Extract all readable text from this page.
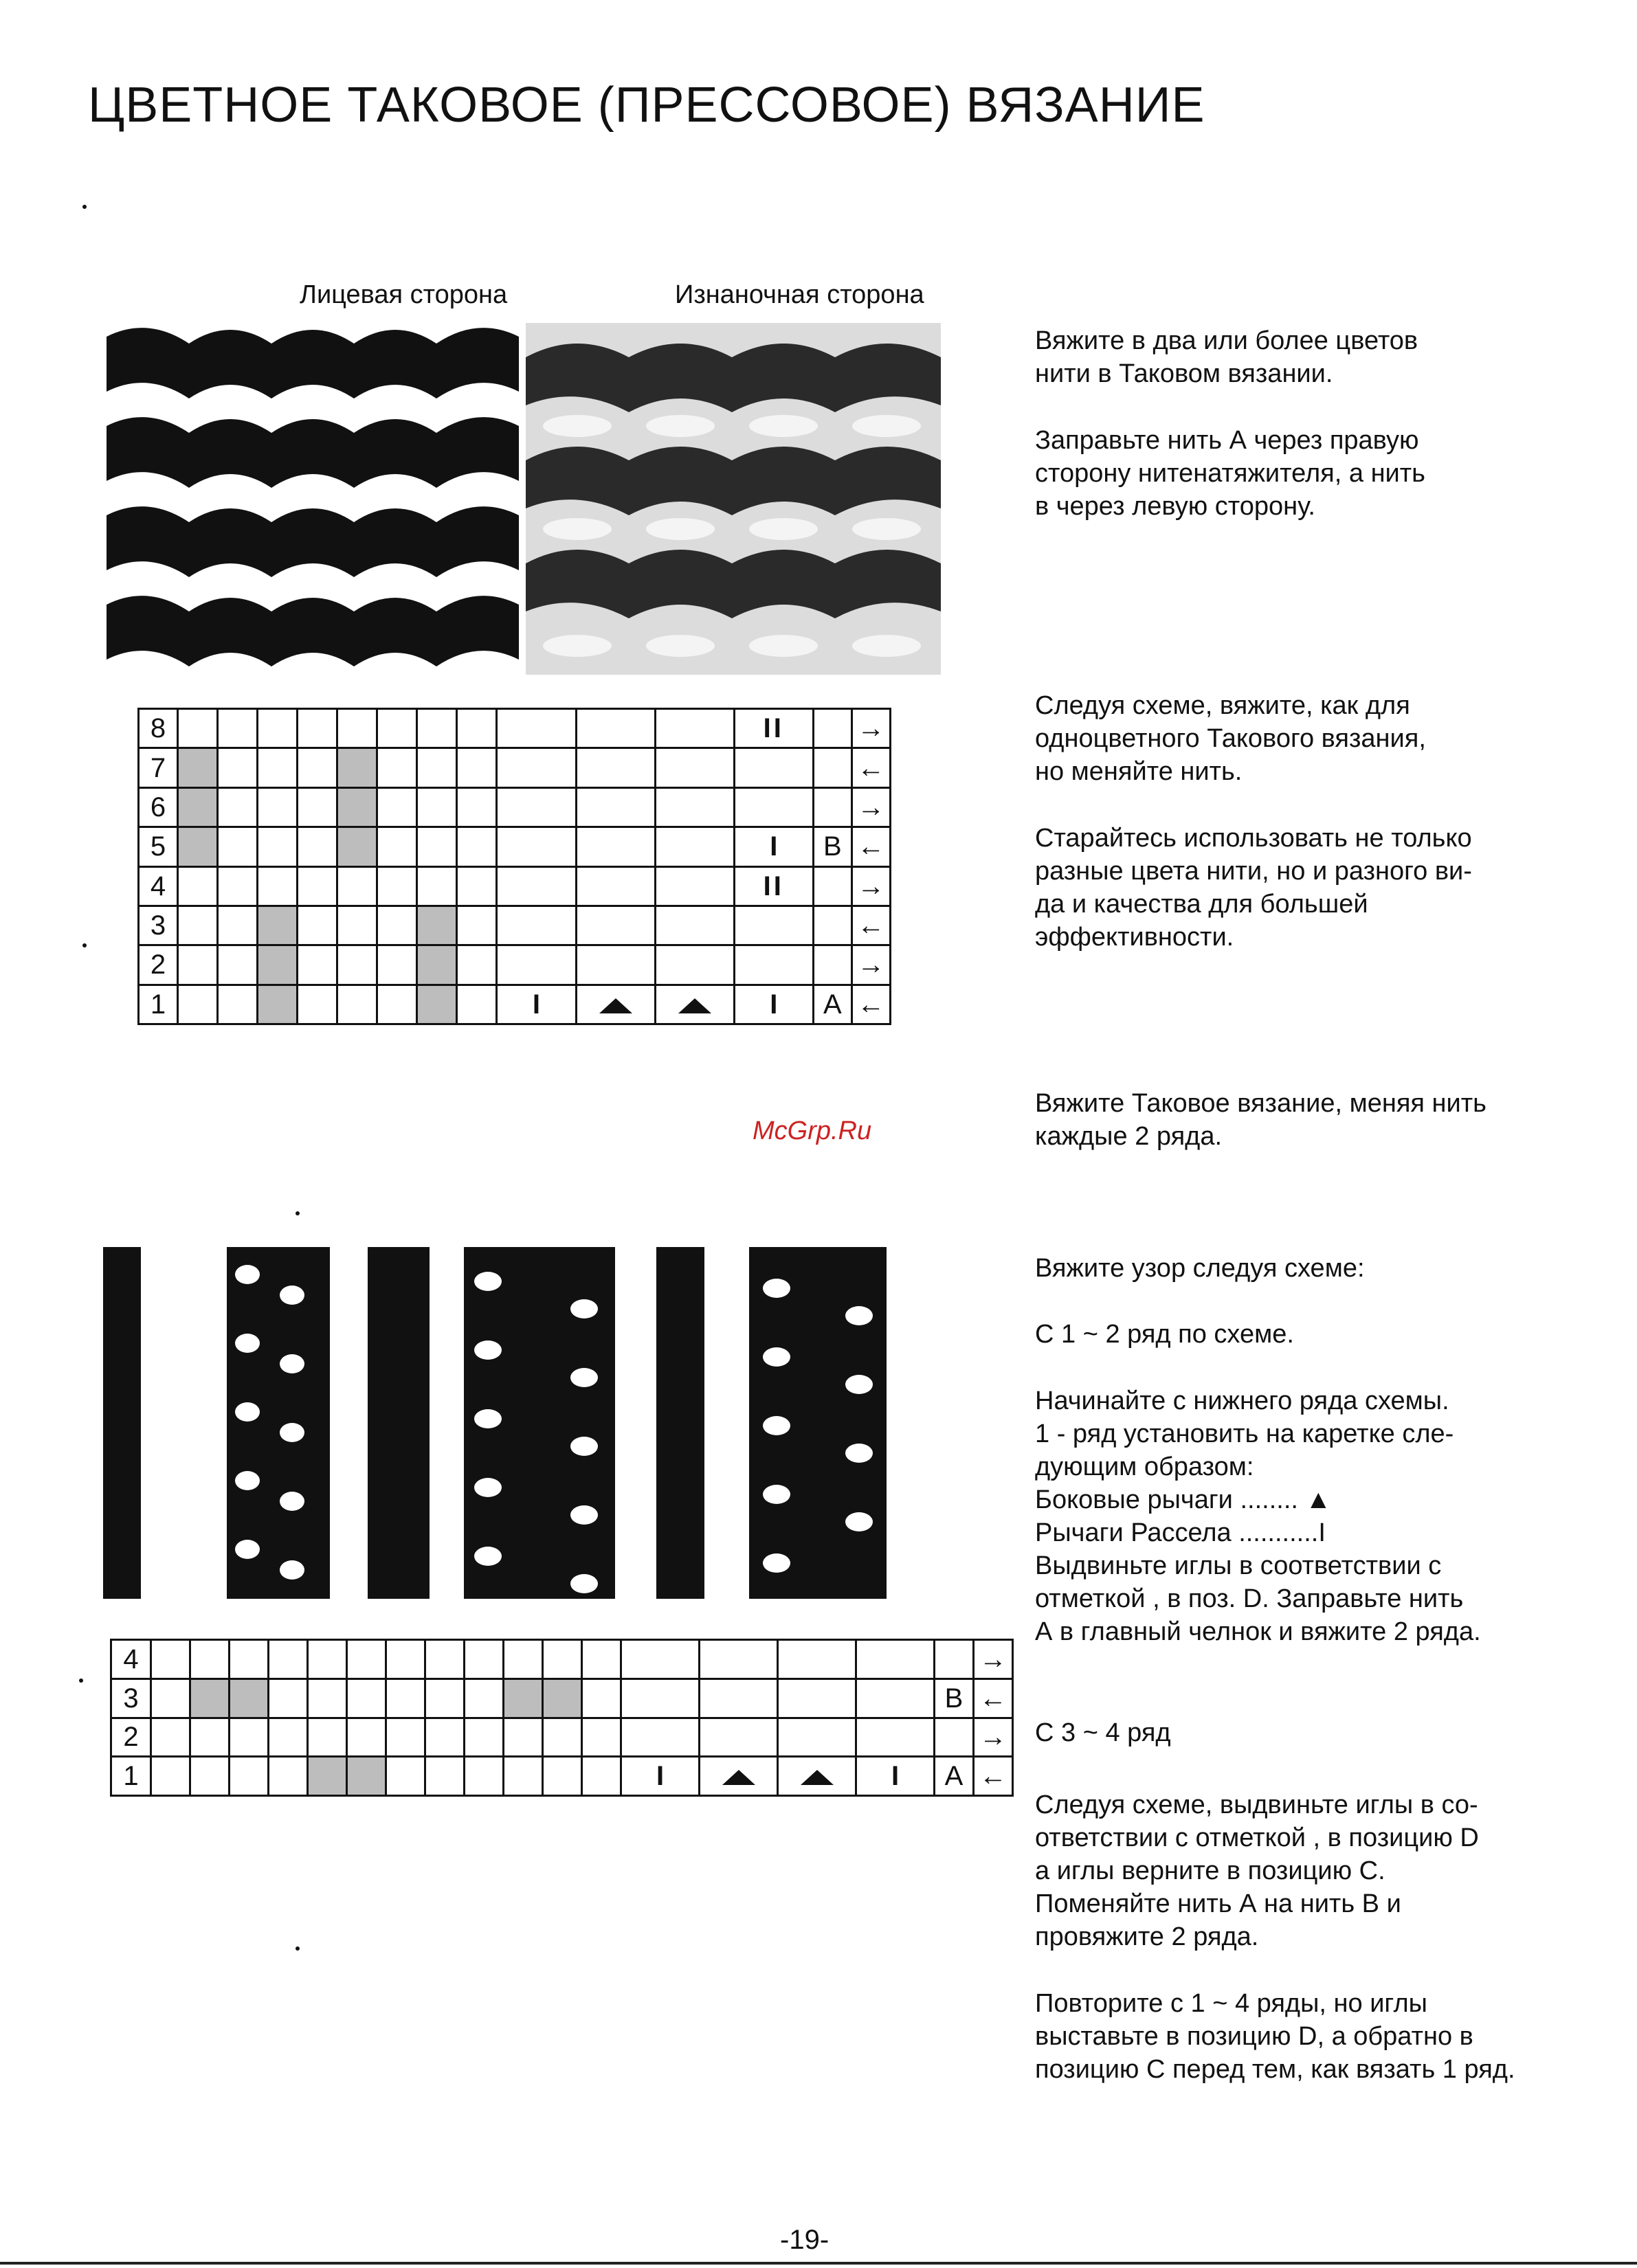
ЦВЕТНОЕ ТАКОВОЕ (ПРЕССОВОЕ) ВЯЗАНИЕ
Лицевая сторона	Изнаночная сторона
8												II		→
7														←
6														→
5												I	В	←
4												II		→
3														←
2														→
1									I			I	А	←
Вяжите в два или более цветов
нити в Таковом вязании.
Заправьте нить А через правую
сторону нитенатяжителя, а нить
в через левую сторону.
Следуя схеме, вяжите, как для
одноцветного Такового вязания,
но меняйте нить.
Старайтесь использовать не только
разные цвета нити, но и разного ви-
да и качества для большей
эффективности.
Вяжите Таковое вязание, меняя нить
каждые 2 ряда.
McGrp.Ru
4																		→
3																	В	←
2																		→
1													I			I	А	←
Вяжите узор следуя схеме:
С 1 ~ 2 ряд по схеме.
Начинайте с нижнего ряда схемы.
1 - ряд установить на каретке сле-
дующим образом:
Боковые рычаги ........ ▲
Рычаги Рассела ...........I
Выдвиньте иглы в соответствии с
отметкой , в поз. D. Заправьте нить
А в главный челнок и вяжите 2 ряда.
С 3 ~ 4 ряд
Следуя схеме, выдвиньте иглы в со-
ответствии с отметкой , в позицию D
а иглы верните в позицию С.
Поменяйте нить А на нить В и
провяжите 2 ряда.
Повторите с 1 ~ 4 ряды, но иглы
выставьте в позицию D, а обратно в
позицию С перед тем, как вязать 1 ряд.
-19-
